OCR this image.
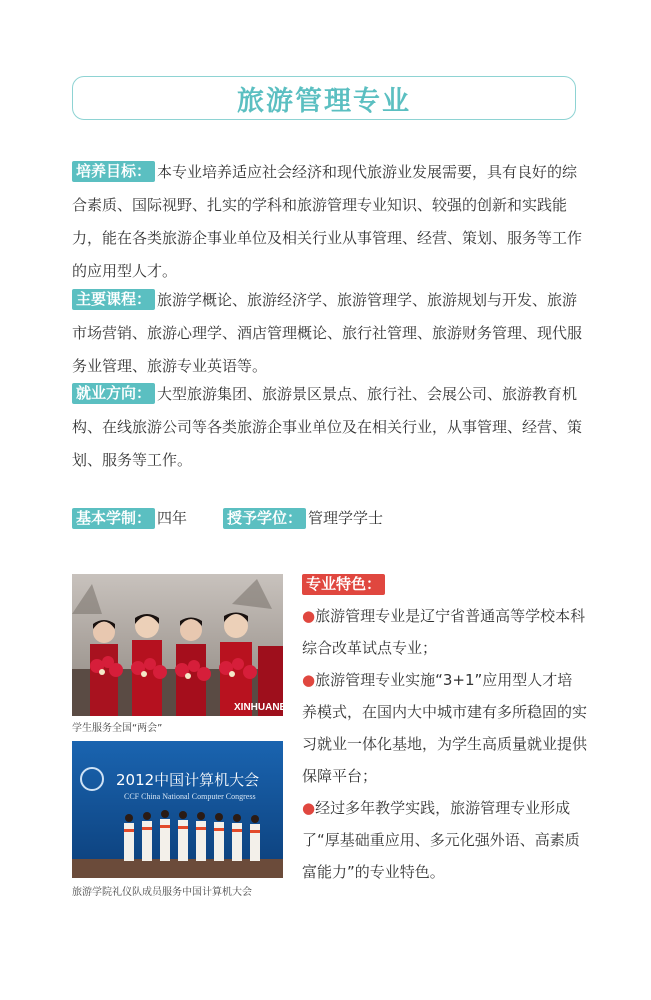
旅游管理专业
培养目标： 本专业培养适应社会经济和现代旅游业发展需要，具有良好的综合素质、国际视野、扎实的学科和旅游管理专业知识、较强的创新和实践能力，能在各类旅游企事业单位及相关行业从事管理、经营、策划、服务等工作的应用型人才。
主要课程： 旅游学概论、旅游经济学、旅游管理学、旅游规划与开发、旅游市场营销、旅游心理学、酒店管理概论、旅行社管理、旅游财务管理、现代服务业管理、旅游专业英语等。
就业方向： 大型旅游集团、旅游景区景点、旅行社、会展公司、旅游教育机构、在线旅游公司等各类旅游企事业单位及在相关行业，从事管理、经营、策划、服务等工作。
基本学制： 四年	授予学位： 管理学学士
XINHUANET
学生服务全国“两会”
2012中国计算机大会
CCF China National Computer Congress
旅游学院礼仪队成员服务中国计算机大会
专业特色：

●旅游管理专业是辽宁省普通高等学校本科综合改革试点专业；

●旅游管理专业实施“3+1”应用型人才培养模式，在国内大中城市建有多所稳固的实习就业一体化基地，为学生高质量就业提供保障平台；

●经过多年教学实践，旅游管理专业形成了“厚基础重应用、多元化强外语、高素质富能力”的专业特色。
